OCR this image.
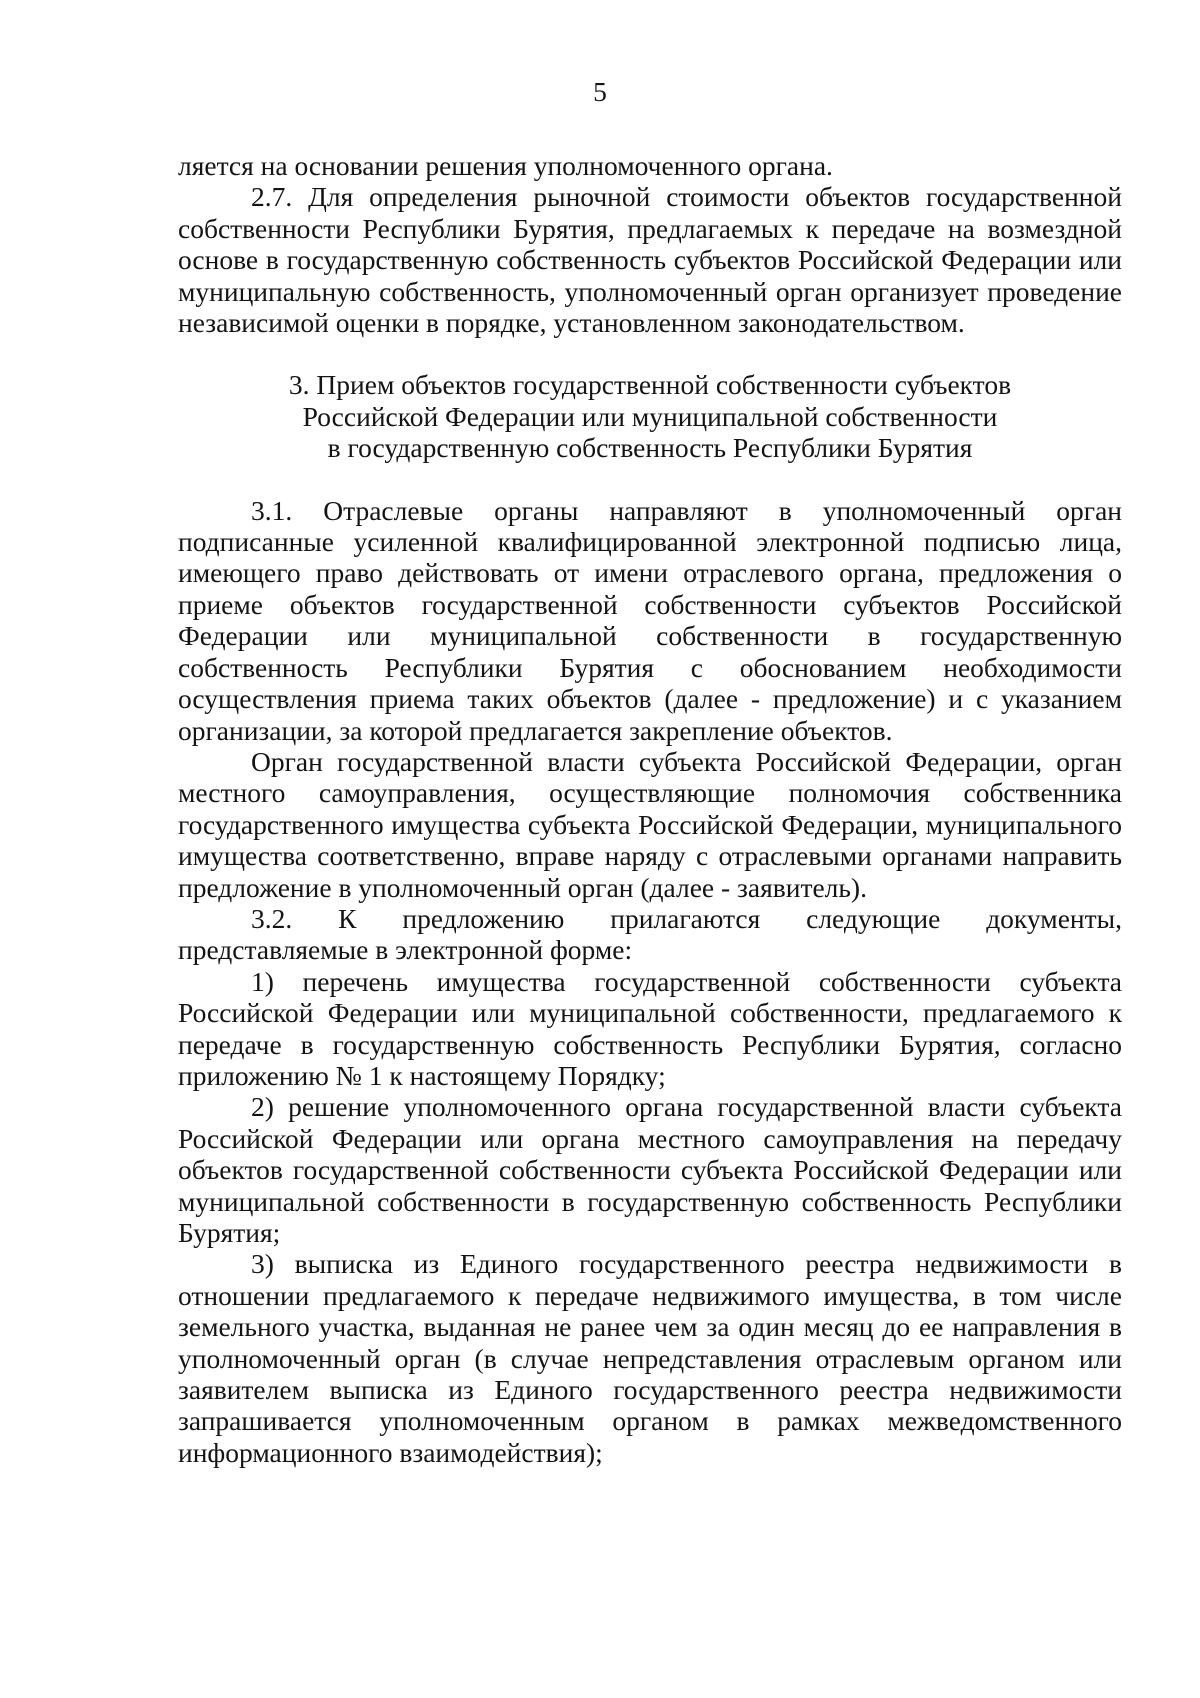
5

ляется на основании решения уполномоченного органа.

2.7. Для определения рыночной стоимости объектов государственной собственности Республики Бурятия, предлагаемых к передаче на возмездной основе в государственную собственность субъектов Российской Федерации или муниципальную собственность, уполномоченный орган организует проведение независимой оценки в порядке, установленном законодательством.

3. Прием объектов государственной собственности субъектов
Российской Федерации или муниципальной собственности
в государственную собственность Республики Бурятия

3.1. Отраслевые органы направляют в уполномоченный орган подписанные усиленной квалифицированной электронной подписью лица, имеющего право действовать от имени отраслевого органа, предложения о приеме объектов государственной собственности субъектов Российской Федерации или муниципальной собственности в государственную собственность Республики Бурятия с обоснованием необходимости осуществления приема таких объектов (далее - предложение) и с указанием организации, за которой предлагается закрепление объектов.

Орган государственной власти субъекта Российской Федерации, орган местного самоуправления, осуществляющие полномочия собственника государственного имущества субъекта Российской Федерации, муниципального имущества соответственно, вправе наряду с отраслевыми органами направить предложение в уполномоченный орган (далее - заявитель).

3.2. К предложению прилагаются следующие документы, представляемые в электронной форме:

1) перечень имущества государственной собственности субъекта Российской Федерации или муниципальной собственности, предлагаемого к передаче в государственную собственность Республики Бурятия, согласно приложению № 1 к настоящему Порядку;

2) решение уполномоченного органа государственной власти субъекта Российской Федерации или органа местного самоуправления на передачу объектов государственной собственности субъекта Российской Федерации или муниципальной собственности в государственную собственность Республики Бурятия;

3) выписка из Единого государственного реестра недвижимости в отношении предлагаемого к передаче недвижимого имущества, в том числе земельного участка, выданная не ранее чем за один месяц до ее направления в уполномоченный орган (в случае непредставления отраслевым органом или заявителем выписка из Единого государственного реестра недвижимости запрашивается уполномоченным органом в рамках межведомственного информационного взаимодействия);
